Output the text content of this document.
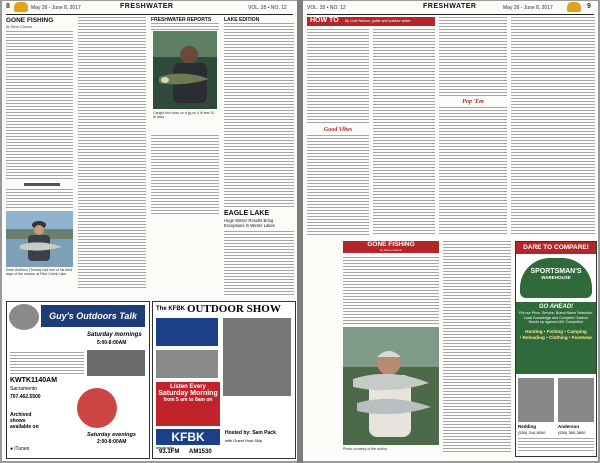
8	May 26 - June 8, 2017	FRESHWATER	VOL. 35 • NO. 12
GONE FISHING
by Steve Carson
Sean Arellano Thomas had one of his best days of the season at Rice Creek Lake.
FRESHWATER REPORTS
Caught this bass on a jig on 4 lb test 10 lb bass
LAKE EDITION
EAGLE LAKE
Huge Winter Results Bring Exceptions In Winter Lakes
Guy's Outdoors Talk
Saturday mornings
5:00-8:00AM
KWTK 1140AM
Sacramento
707.462.5500
Saturday evenings
2:00-8:00AM
Archived shows available on
● iTunes
The KFBK OUTDOOR SHOW
Listen Every
Saturday Morning
from 5 am to 8am on
KFBK
newsradio
93.1FM AM1530
Hosted by: Sam Pack
with Guest Host Skip
VOL. 35 • NO. 12	FRESHWATER	May 26 - June 8, 2017	9
HOW TO By Cole Nelson, guide and outdoor writer
Good Vibes
Pop 'Em
GONE FISHING
by Steve Carson
Photo courtesy of the author
DARE TO COMPARE!
SPORTSMAN'S
WAREHOUSE
GO AHEAD!
Put our Price, Service, Brand Name Selection,
Local Knowledge and Complete Outdoor
Needs up against ANY Competitor
Hunting • Fishing • Camping
• Reloading • Clothing • Footwear
Redding
(530) 244-9000
Anderson
(530) 365-3800
